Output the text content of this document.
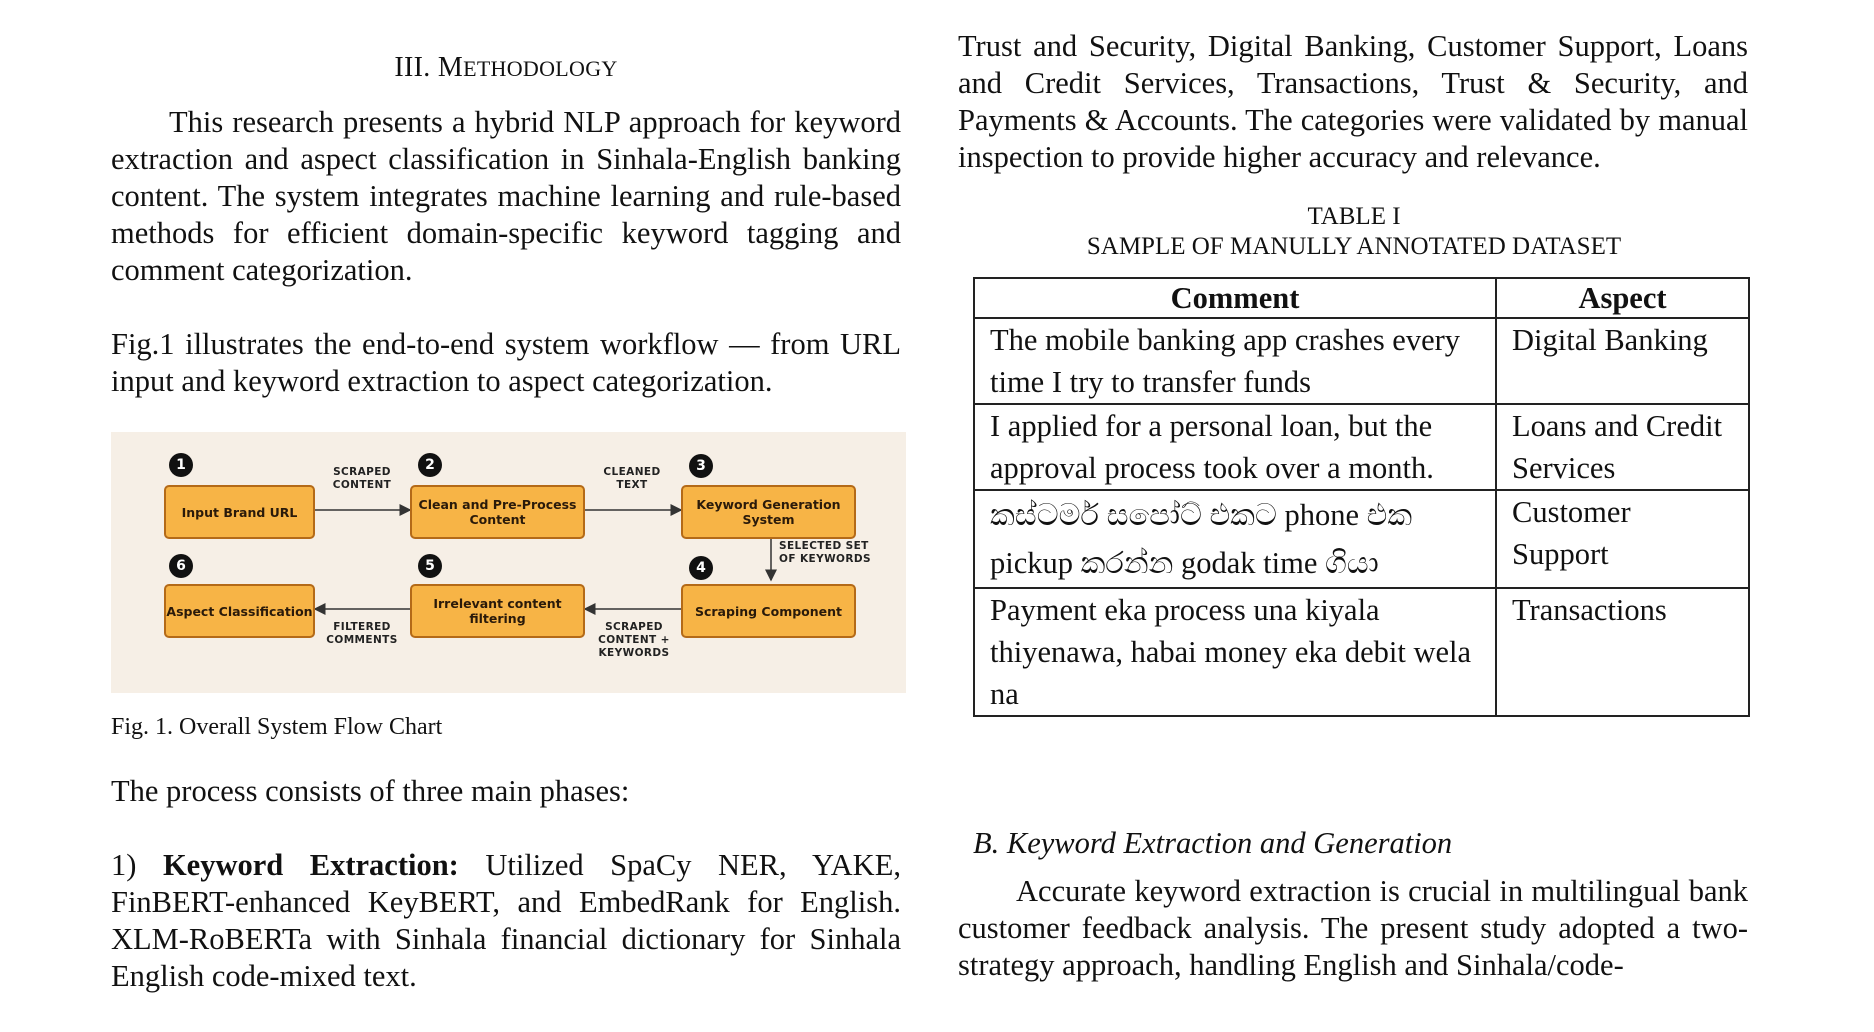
III. METHODOLOGY

This research presents a hybrid NLP approach for keyword extraction and aspect classification in Sinhala-English banking content. The system integrates machine learning and rule-based methods for efficient domain-specific keyword tagging and comment categorization.

Fig.1 illustrates the end-to-end system workflow — from URL input and keyword extraction to aspect categorization.

Input Brand URL	Clean and Pre-Process Content
Keyword Generation System
Scraping Component
Irrelevant content filtering
Aspect Classification
1	2	3
4
5
6
SCRAPED CONTENT
CLEANED TEXT
SELECTED SET OF KEYWORDS
SCRAPED CONTENT + KEYWORDS
FILTERED COMMENTS
Fig. 1. Overall System Flow Chart

The process consists of three main phases:

1) Keyword Extraction: Utilized SpaCy NER, YAKE, FinBERT-enhanced KeyBERT, and EmbedRank for English. XLM-RoBERTa with Sinhala financial dictionary for Sinhala English code-mixed text.

Trust and Security, Digital Banking, Customer Support, Loans and Credit Services, Transactions, Trust & Security, and Payments & Accounts. The categories were validated by manual inspection to provide higher accuracy and relevance.

TABLE I
SAMPLE OF MANULLY ANNOTATED DATASET
Comment	Aspect
The mobile banking app crashes every time I try to transfer funds	Digital Banking
I applied for a personal loan, but the approval process took over a month.	Loans and Credit Services
කස්ටමර් සපෝට් එකට phone එක pickup කරන්න godak time ගියා	Customer Support
Payment eka process una kiyala thiyenawa, habai money eka debit wela na	Transactions
B. Keyword Extraction and Generation

Accurate keyword extraction is crucial in multilingual bank customer feedback analysis. The present study adopted a two-strategy approach, handling English and Sinhala/code-
